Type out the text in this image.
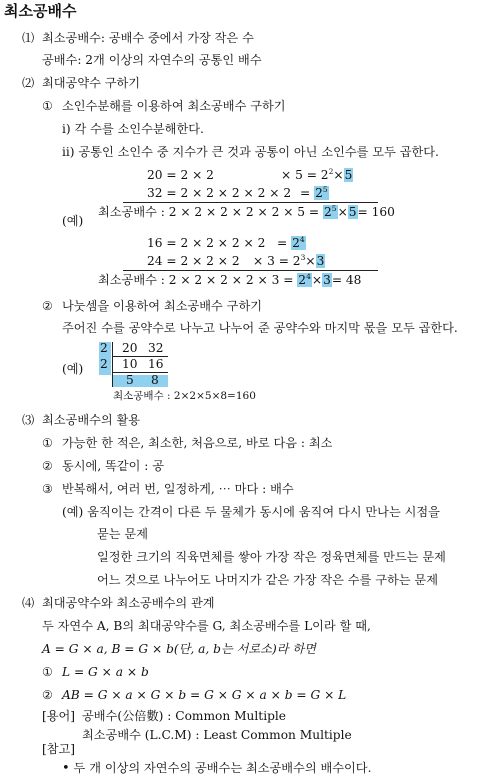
최소공배수
⑴ 최소공배수: 공배수 중에서 가장 작은 수
공배수: 2개 이상의 자연수의 공통인 배수
⑵ 최대공약수 구하기
① 소인수분해를 이용하여 최소공배수 구하기
i) 각 수를 소인수분해한다.
ii) 공통인 소인수 중 지수가 큰 것과 공통이 아닌 소인수를 모두 곱한다.
20 = 2 × 2	× $5 = 2^2\times 5$
$32 = 2 \times 2 \times 2 \times 2 \times 2 = 2^5$
(예)
최소공배수 : $2 \times 2 \times 2 \times 2 \times 2 \times 5 = 2^5\times 5= 160$
$16 = 2 \times 2 \times 2 \times 2 = 2^4$
$24 = 2 \times 2 \times 2 \times 3 = 2^3\times 3$
최소공배수 : $2 \times 2 \times 2 \times 2 \times 3 = 2^4\times 3= 48$
② 나눗셈을 이용하여 최소공배수 구하기
주어진 수를 공약수로 나누고 나누어 준 공약수와 마지막 몫을 모두 곱한다.
2 20 32
2 10 16
5 8
(예)
최소공배수 : 2×2×5×8=160
⑶ 최소공배수의 활용
① 가능한 한 적은, 최소한, 처음으로, 바로 다음 : 최소
② 동시에, 똑같이 : 공
③ 반복해서, 여러 번, 일정하게, ⋯ 마다 : 배수
(예) 움직이는 간격이 다른 두 물체가 동시에 움직여 다시 만나는 시점을
묻는 문제
일정한 크기의 직육면체를 쌓아 가장 작은 정육면체를 만드는 문제
어느 것으로 나누어도 나머지가 같은 가장 작은 수를 구하는 문제
⑷ 최대공약수와 최소공배수의 관계
두 자연수 A, B의 최대공약수를 G, 최소공배수를 L이라 할 때,
A = G × a, B = G × b(단, a, b는 서로소)라 하면
① L = G × a × b
② AB = G × a × G × b = G × G × a × b = G × L
[용어] 공배수(公倍數) : Common Multiple
최소공배수 (L.C.M) : Least Common Multiple
[참고]
• 두 개 이상의 자연수의 공배수는 최소공배수의 배수이다.
